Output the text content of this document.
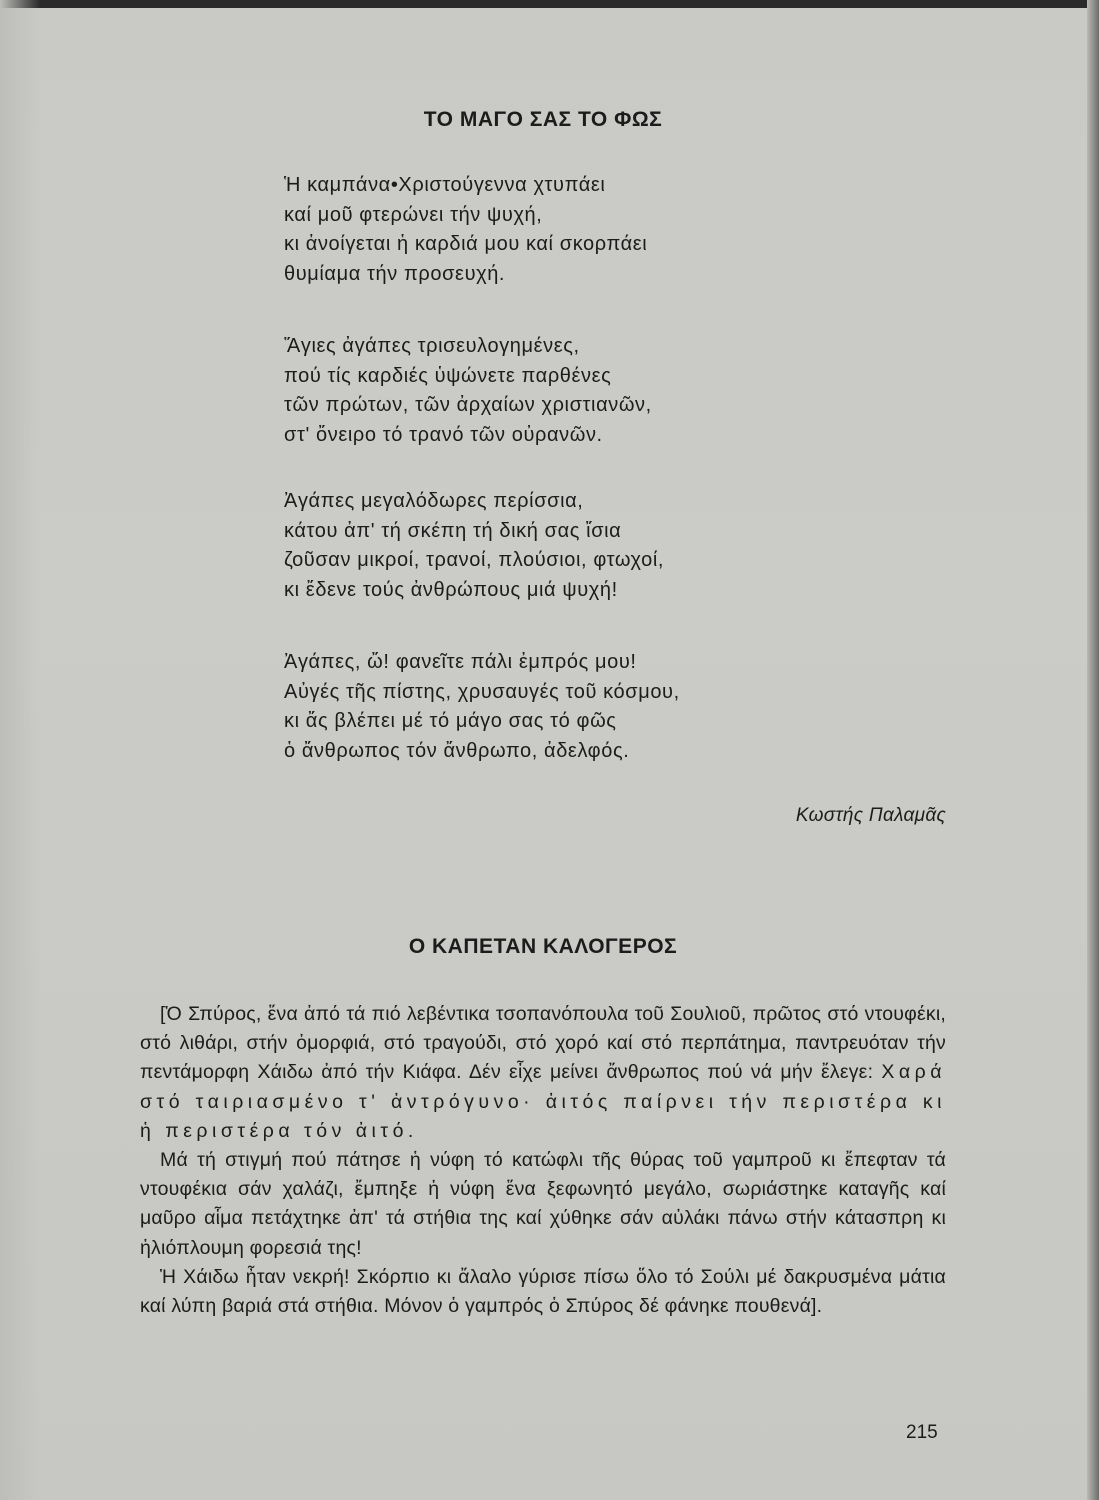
ΤΟ ΜΑΓΟ ΣΑΣ ΤΟ ΦΩΣ

Ἡ καμπάνα•Χριστούγεννα χτυπάει
καί μοῦ φτερώνει τήν ψυχή,
κι ἀνοίγεται ἡ καρδιά μου καί σκορπάει
θυμίαμα τήν προσευχή.

Ἅγιες ἀγάπες τρισευλογημένες,
πού τίς καρδιές ὑψώνετε παρθένες
τῶν πρώτων, τῶν ἀρχαίων χριστιανῶν,
στ' ὄνειρο τό τρανό τῶν οὐρανῶν.

Ἀγάπες μεγαλόδωρες περίσσια,
κάτου ἀπ' τή σκέπη τή δική σας ἴσια
ζοῦσαν μικροί, τρανοί, πλούσιοι, φτωχοί,
κι ἔδενε τούς ἀνθρώπους μιά ψυχή!

Ἀγάπες, ὤ! φανεῖτε πάλι ἐμπρός μου!
Αὐγές τῆς πίστης, χρυσαυγές τοῦ κόσμου,
κι ἄς βλέπει μέ τό μάγο σας τό φῶς
ὁ ἄνθρωπος τόν ἄνθρωπο, ἀδελφός.

Κωστής Παλαμᾶς
Ο ΚΑΠΕΤΑΝ ΚΑΛΟΓΕΡΟΣ

[Ὁ Σπύρος, ἕνα ἀπό τά πιό λεβέντικα τσοπανόπουλα τοῦ Σουλιοῦ, πρῶτος στό ντουφέκι, στό λιθάρι, στήν ὀμορφιά, στό τραγούδι, στό χορό καί στό περπάτημα, παντρευόταν τήν πεντάμορφη Χάιδω ἀπό τήν Κιάφα. Δέν εἶχε μείνει ἄνθρωπος πού νά μήν ἔλεγε: Χαρά στό ταιριασμένο τ' ἀντρόγυνο· ἀιτός παίρνει τήν περιστέρα κι ἡ περιστέρα τόν ἀιτό.

Μά τή στιγμή πού πάτησε ἡ νύφη τό κατώφλι τῆς θύρας τοῦ γαμπροῦ κι ἔπεφταν τά ντουφέκια σάν χαλάζι, ἔμπηξε ἡ νύφη ἕνα ξεφωνητό μεγάλο, σωριάστηκε καταγῆς καί μαῦρο αἷμα πετάχτηκε ἀπ' τά στήθια της καί χύθηκε σάν αὐλάκι πάνω στήν κάτασπρη κι ἡλιόπλουμη φορεσιά της!

Ἡ Χάιδω ἦταν νεκρή! Σκόρπιο κι ἄλαλο γύρισε πίσω ὅλο τό Σούλι μέ δακρυσμένα μάτια καί λύπη βαριά στά στήθια. Μόνον ὁ γαμπρός ὁ Σπύρος δέ φάνηκε πουθενά].

215
